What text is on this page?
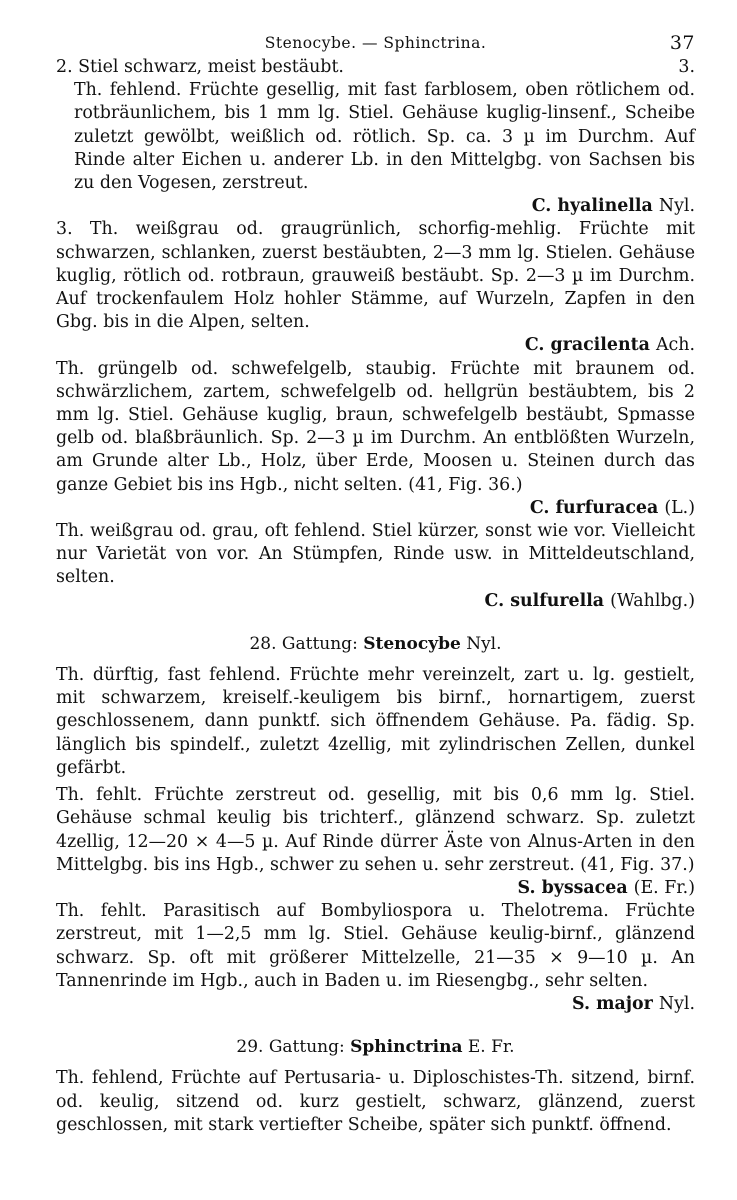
Stenocybe. — Sphinctrina.	37
2. Stiel schwarz, meist bestäubt.	3.

Th. fehlend. Früchte gesellig, mit fast farblosem, oben rötlichem od. rotbräunlichem, bis 1 mm lg. Stiel. Gehäuse kuglig-linsenf., Scheibe zuletzt gewölbt, weißlich od. rötlich. Sp. ca. 3 µ im Durchm. Auf Rinde alter Eichen u. anderer Lb. in den Mittelgbg. von Sachsen bis zu den Vogesen, zerstreut.

C. hyalinella Nyl.

3. Th. weißgrau od. graugrünlich, schorfig-mehlig. Früchte mit schwarzen, schlanken, zuerst bestäubten, 2—3 mm lg. Stielen. Gehäuse kuglig, rötlich od. rotbraun, grauweiß bestäubt. Sp. 2—3 µ im Durchm. Auf trockenfaulem Holz hohler Stämme, auf Wurzeln, Zapfen in den Gbg. bis in die Alpen, selten.

C. gracilenta Ach.

Th. grüngelb od. schwefelgelb, staubig. Früchte mit braunem od. schwärzlichem, zartem, schwefelgelb od. hellgrün bestäubtem, bis 2 mm lg. Stiel. Gehäuse kuglig, braun, schwefelgelb bestäubt, Spmasse gelb od. blaßbräunlich. Sp. 2—3 µ im Durchm. An entblößten Wurzeln, am Grunde alter Lb., Holz, über Erde, Moosen u. Steinen durch das ganze Gebiet bis ins Hgb., nicht selten. (41, Fig. 36.)

C. furfuracea (L.)

Th. weißgrau od. grau, oft fehlend. Stiel kürzer, sonst wie vor. Vielleicht nur Varietät von vor. An Stümpfen, Rinde usw. in Mitteldeutschland, selten.

C. sulfurella (Wahlbg.)
28. Gattung: Stenocybe Nyl.

Th. dürftig, fast fehlend. Früchte mehr vereinzelt, zart u. lg. gestielt, mit schwarzem, kreiself.-keuligem bis birnf., hornartigem, zuerst geschlossenem, dann punktf. sich öffnendem Gehäuse. Pa. fädig. Sp. länglich bis spindelf., zuletzt 4zellig, mit zylindrischen Zellen, dunkel gefärbt.

Th. fehlt. Früchte zerstreut od. gesellig, mit bis 0,6 mm lg. Stiel. Gehäuse schmal keulig bis trichterf., glänzend schwarz. Sp. zuletzt 4zellig, 12—20 × 4—5 µ. Auf Rinde dürrer Äste von Alnus-Arten in den Mittelgbg. bis ins Hgb., schwer zu sehen u. sehr zerstreut. (41, Fig. 37.)

S. byssacea (E. Fr.)

Th. fehlt. Parasitisch auf Bombyliospora u. Thelotrema. Früchte zerstreut, mit 1—2,5 mm lg. Stiel. Gehäuse keulig-birnf., glänzend schwarz. Sp. oft mit größerer Mittelzelle, 21—35 × 9—10 µ. An Tannenrinde im Hgb., auch in Baden u. im Riesengbg., sehr selten.

S. major Nyl.
29. Gattung: Sphinctrina E. Fr.

Th. fehlend, Früchte auf Pertusaria- u. Diploschistes-Th. sitzend, birnf. od. keulig, sitzend od. kurz gestielt, schwarz, glänzend, zuerst geschlossen, mit stark vertiefter Scheibe, später sich punktf. öffnend.
